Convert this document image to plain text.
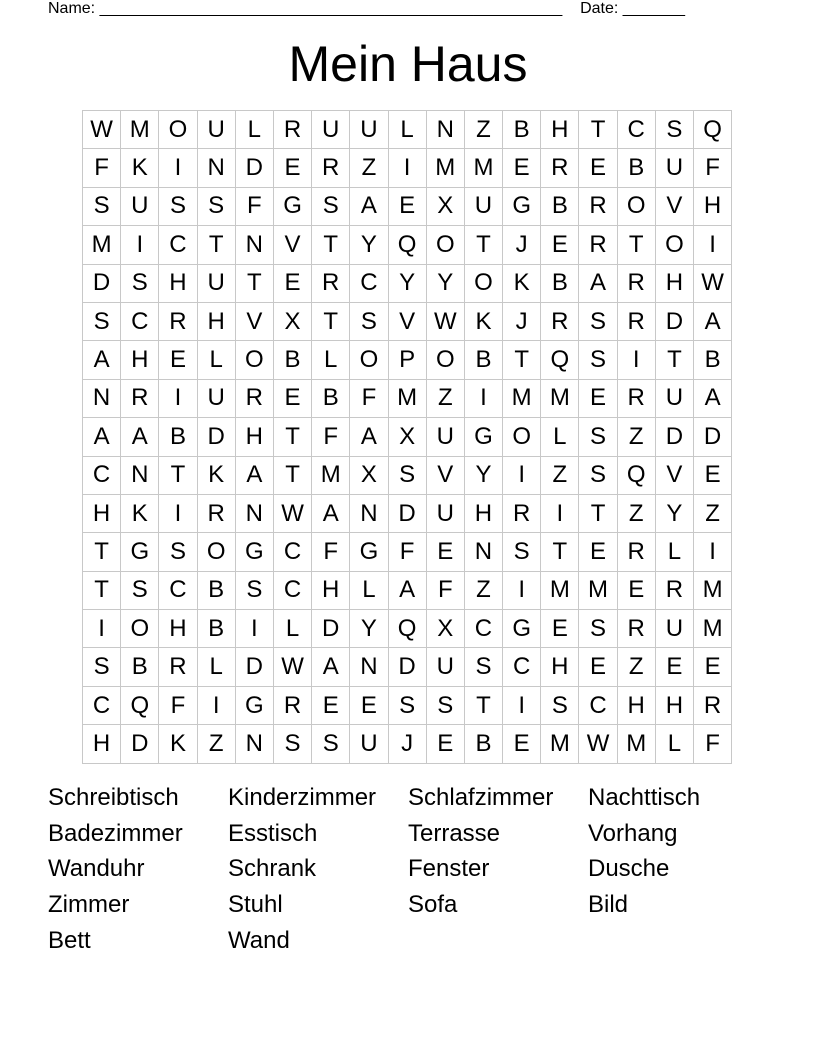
Name: ____________________________________________________ Date: _______
Mein Haus
W	M	O	U	L	R	U	U	L	N	Z	B	H	T	C	S	Q
F	K	I	N	D	E	R	Z	I	M	M	E	R	E	B	U	F
S	U	S	S	F	G	S	A	E	X	U	G	B	R	O	V	H
M	I	C	T	N	V	T	Y	Q	O	T	J	E	R	T	O	I
D	S	H	U	T	E	R	C	Y	Y	O	K	B	A	R	H	W
S	C	R	H	V	X	T	S	V	W	K	J	R	S	R	D	A
A	H	E	L	O	B	L	O	P	O	B	T	Q	S	I	T	B
N	R	I	U	R	E	B	F	M	Z	I	M	M	E	R	U	A
A	A	B	D	H	T	F	A	X	U	G	O	L	S	Z	D	D
C	N	T	K	A	T	M	X	S	V	Y	I	Z	S	Q	V	E
H	K	I	R	N	W	A	N	D	U	H	R	I	T	Z	Y	Z
T	G	S	O	G	C	F	G	F	E	N	S	T	E	R	L	I
T	S	C	B	S	C	H	L	A	F	Z	I	M	M	E	R	M
I	O	H	B	I	L	D	Y	Q	X	C	G	E	S	R	U	M
S	B	R	L	D	W	A	N	D	U	S	C	H	E	Z	E	E
C	Q	F	I	G	R	E	E	S	S	T	I	S	C	H	H	R
H	D	K	Z	N	S	S	U	J	E	B	E	M	W	M	L	F
Schreibtisch	Kinderzimmer	Schlafzimmer	Nachttisch
Badezimmer	Esstisch	Terrasse	Vorhang
Wanduhr	Schrank	Fenster	Dusche
Zimmer	Stuhl	Sofa	Bild
Bett	Wand
